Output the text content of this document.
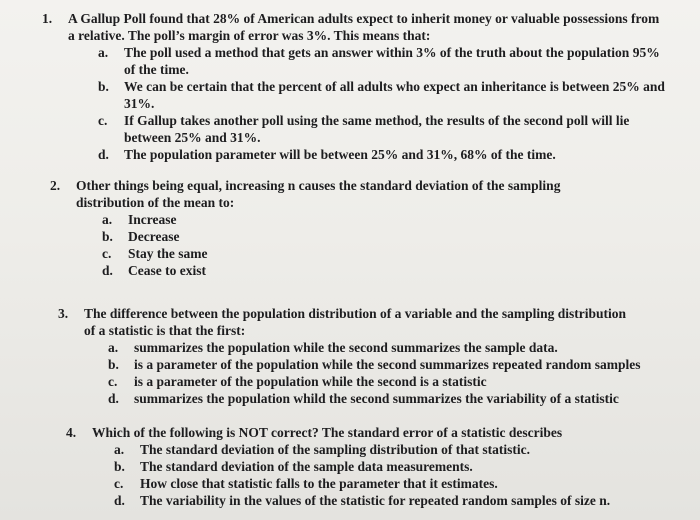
1. A Gallup Poll found that 28% of American adults expect to inherit money or valuable possessions from
a relative. The poll’s margin of error was 3%. This means that:
a.	The poll used a method that gets an answer within 3% of the truth about the population 95% of the time.
b.	We can be certain that the percent of all adults who expect an inheritance is between 25% and 31%.
c.	If Gallup takes another poll using the same method, the results of the second poll will lie between 25% and 31%.
d.	The population parameter will be between 25% and 31%, 68% of the time.
2. Other things being equal, increasing n causes the standard deviation of the sampling
distribution of the mean to:
a.	Increase
b.	Decrease
c.	Stay the same
d.	Cease to exist
3. The difference between the population distribution of a variable and the sampling distribution
of a statistic is that the first:
a.	summarizes the population while the second summarizes the sample data.
b.	is a parameter of the population while the second summarizes repeated random samples
c.	is a parameter of the population while the second is a statistic
d.	summarizes the population whild the second summarizes the variability of a statistic
4. Which of the following is NOT correct? The standard error of a statistic describes
a.	The standard deviation of the sampling distribution of that statistic.
b.	The standard deviation of the sample data measurements.
c.	How close that statistic falls to the parameter that it estimates.
d.	The variability in the values of the statistic for repeated random samples of size n.
